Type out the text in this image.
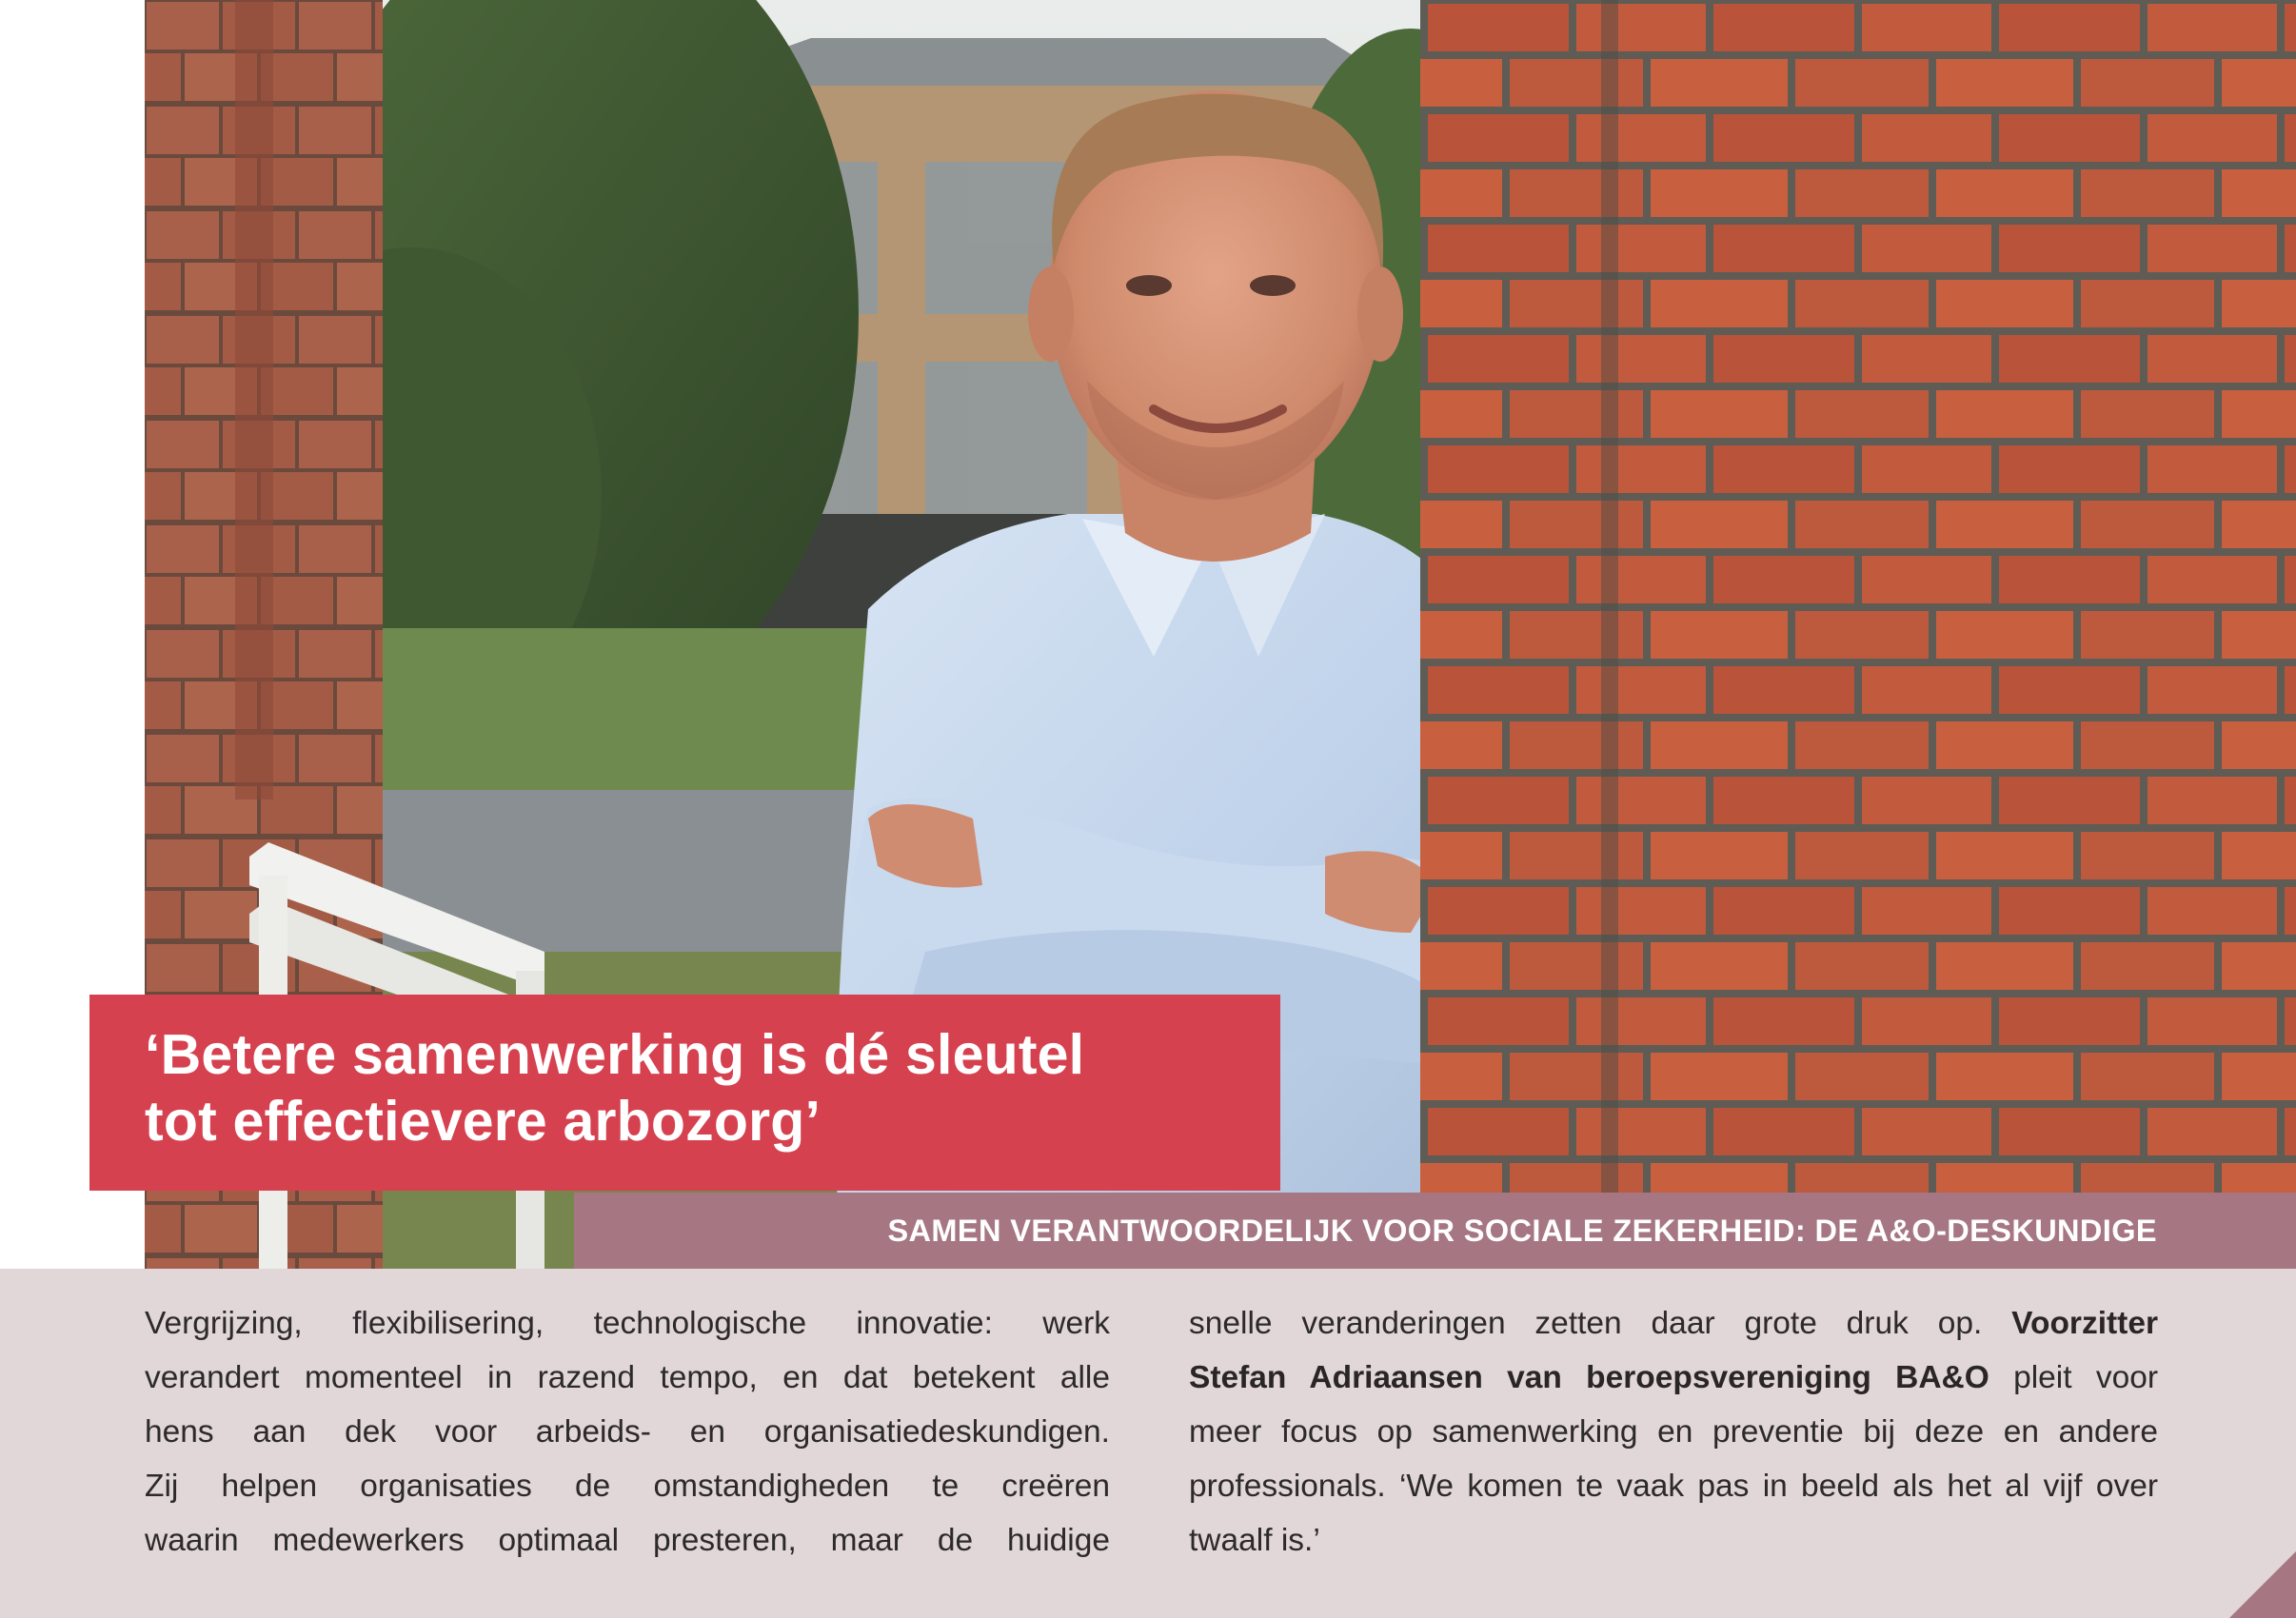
‘Betere samenwerking is dé sleutel
tot effectievere arbozorg’
SAMEN VERANTWOORDELIJK VOOR SOCIALE ZEKERHEID: DE A&O-DESKUNDIGE
Vergrijzing, flexibilisering, technologische innovatie: werk
verandert momenteel in razend tempo, en dat betekent alle
hens aan dek voor arbeids- en organisatiedeskundigen.
Zij helpen organisaties de omstandigheden te creëren
waarin medewerkers optimaal presteren, maar de huidige
snelle veranderingen zetten daar grote druk op. Voorzitter
Stefan Adriaansen van beroepsvereniging BA&O pleit voor
meer focus op samenwerking en preventie bij deze en andere
professionals. ‘We komen te vaak pas in beeld als het al vijf over
twaalf is.’
